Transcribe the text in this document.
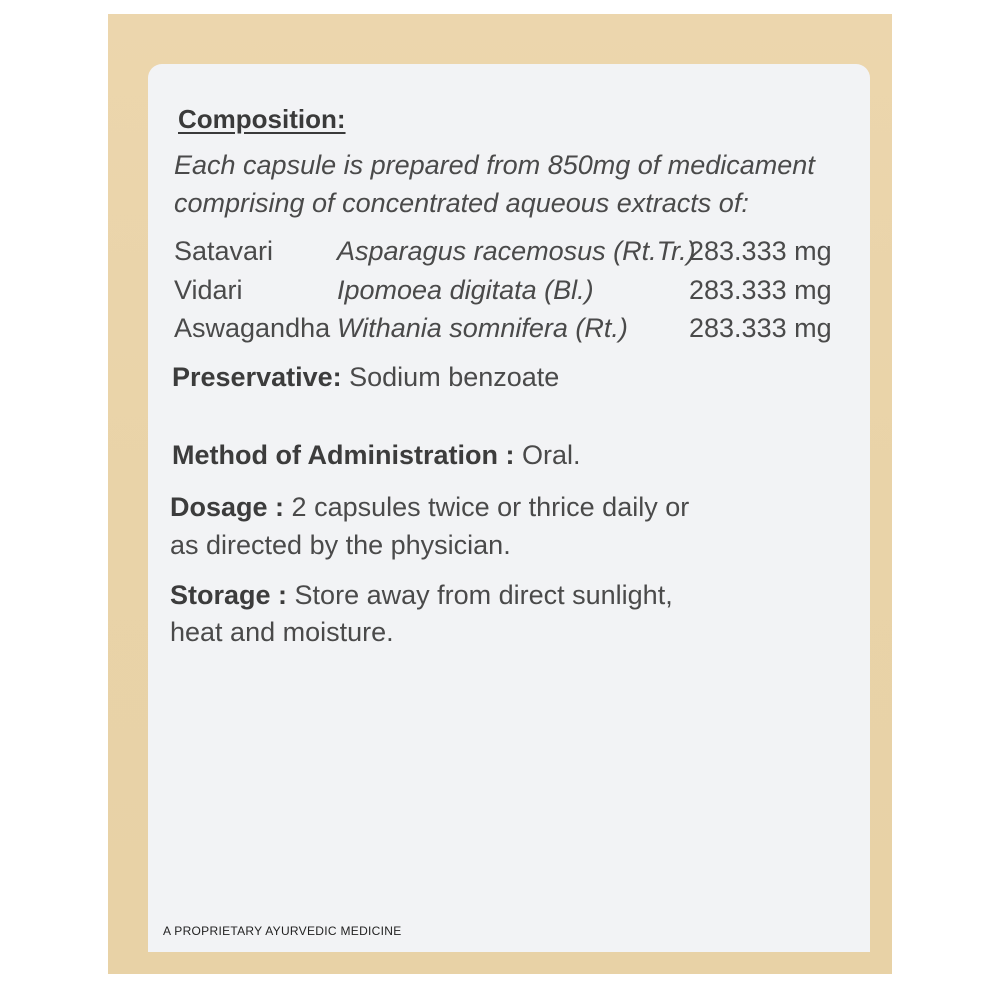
Composition:
Each capsule is prepared from 850mg of medicament
comprising of concentrated aqueous extracts of:
Satavari Asparagus racemosus (Rt.Tr.)
283.333 mg
Vidari	Ipomoea digitata (Bl.)	283.333 mg
Aswagandha Withania somnifera (Rt.) 283.333 mg
Preservative: Sodium benzoate
Method of Administration : Oral.
Dosage : 2 capsules twice or thrice daily or
as directed by the physician.
Storage : Store away from direct sunlight,
heat and moisture.
A PROPRIETARY AYURVEDIC MEDICINE
